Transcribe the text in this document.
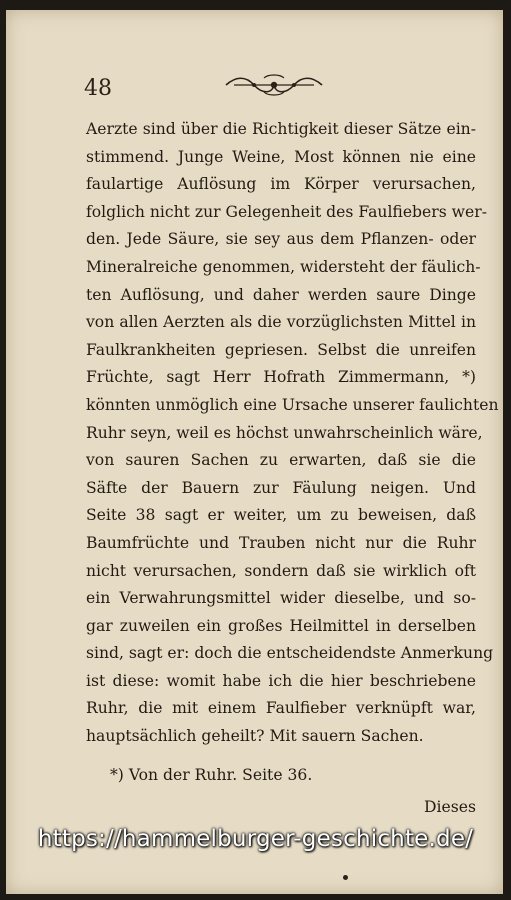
48
Aerzte sind über die Richtigkeit dieser Sätze ein-
stimmend. Junge Weine, Most können nie eine
faulartige Auflösung im Körper verursachen,
folglich nicht zur Gelegenheit des Faulfiebers wer-
den. Jede Säure, sie sey aus dem Pflanzen- oder
Mineralreiche genommen, widersteht der fäulich-
ten Auflösung, und daher werden saure Dinge
von allen Aerzten als die vorzüglichsten Mittel in
Faulkrankheiten gepriesen. Selbst die unreifen
Früchte, sagt Herr Hofrath Zimmermann, *)
könnten unmöglich eine Ursache unserer faulichten
Ruhr seyn, weil es höchst unwahrscheinlich wäre,
von sauren Sachen zu erwarten, daß sie die
Säfte der Bauern zur Fäulung neigen. Und
Seite 38 sagt er weiter, um zu beweisen, daß
Baumfrüchte und Trauben nicht nur die Ruhr
nicht verursachen, sondern daß sie wirklich oft
ein Verwahrungsmittel wider dieselbe, und so-
gar zuweilen ein großes Heilmittel in derselben
sind, sagt er: doch die entscheidendste Anmerkung
ist diese: womit habe ich die hier beschriebene
Ruhr, die mit einem Faulfieber verknüpft war,
hauptsächlich geheilt? Mit sauern Sachen.
*) Von der Ruhr. Seite 36.
Dieses
https://hammelburger-geschichte.de/
